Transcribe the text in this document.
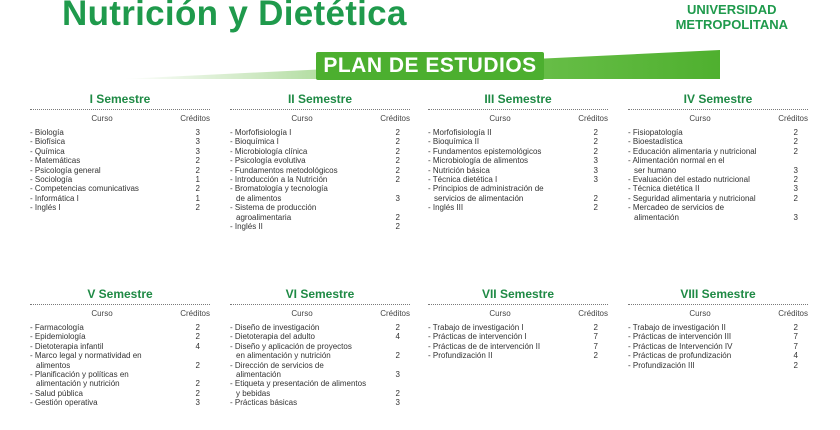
Nutrición y Dietética	UNIVERSIDAD
METROPOLITANA
PLAN DE ESTUDIOS
I Semestre
Curso	Créditos
- Biología	3
- Biofísica	3
- Química	3
- Matemáticas	2
- Psicología general	2
- Sociología	1
- Competencias comunicativas	2
- Informática I	1
- Inglés I	2
II Semestre
Curso	Créditos
- Morfofisiología I	2
- Bioquímica I	2
- Microbiología clínica	2
- Psicología evolutiva	2
- Fundamentos metodológicos	2
- Introducción a la Nutrición	2
- Bromatología y tecnología
de alimentos	3
- Sistema de producción
agroalimentaria	2
- Inglés II	2
III Semestre
Curso	Créditos
- Morfofisiología II	2
- Bioquímica II	2
- Fundamentos epistemológicos	2
- Microbiología de alimentos	3
- Nutrición básica	3
- Técnica dietética I	3
- Principios de administración de
servicios de alimentación	2
- Inglés III	2
IV Semestre
Curso	Créditos
- Fisiopatología	2
- Bioestadística	2
- Educación alimentaria y nutricional	2
- Alimentación normal en el
ser humano	3
- Evaluación del estado nutricional	2
- Técnica dietética II	3
- Seguridad alimentaria y nutricional	2
- Mercadeo de servicios de
alimentación	3
V Semestre
Curso	Créditos
- Farmacología	2
- Epidemiología	2
- Dietoterapia infantil	4
- Marco legal y normatividad en
alimentos	2
- Planificación y políticas en
alimentación y nutrición	2
- Salud pública	2
- Gestión operativa	3
VI Semestre
Curso	Créditos
- Diseño de investigación	2
- Dietoterapia del adulto	4
- Diseño y aplicación de proyectos
en alimentación y nutrición	2
- Dirección de servicios de
alimentación	3
- Etiqueta y presentación de alimentos
y bebidas	2
- Prácticas básicas	3
VII Semestre
Curso	Créditos
- Trabajo de investigación I	2
- Prácticas de intervención I	7
- Prácticas de de intervención II	7
- Profundización II	2
VIII Semestre
Curso	Créditos
- Trabajo de investigación II	2
- Prácticas de intervención III	7
- Prácticas de Intervención IV	7
- Prácticas de profundización	4
- Profundización III	2
